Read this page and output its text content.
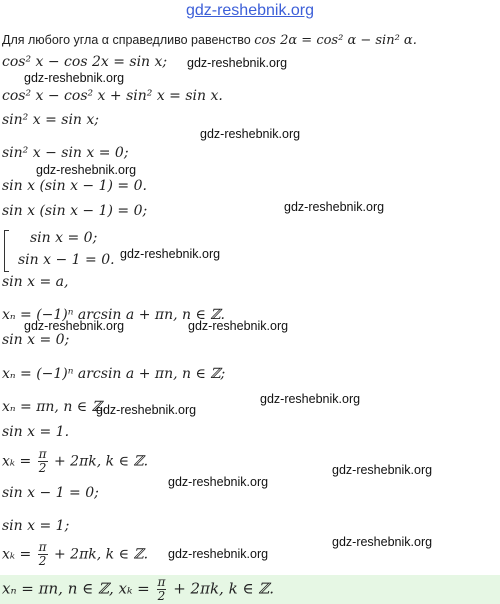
gdz-reshebnik.org
Для любого угла α справедливо равенство cos 2α = cos² α − sin² α.
cos² x − cos 2x = sin x;
cos² x − cos² x + sin² x = sin x.
sin² x = sin x;
sin² x − sin x = 0;
sin x (sin x − 1) = 0.
sin x (sin x − 1) = 0;
sin x = 0;
sin x − 1 = 0.
sin x = a,
xₙ = (−1)ⁿ arcsin a + πn, n ∈ ℤ.
sin x = 0;
xₙ = (−1)ⁿ arcsin a + πn, n ∈ ℤ;
xₙ = πn, n ∈ ℤ.
sin x = 1.
$x_k = \frac{\pi}{2} + 2\pi k$, k ∈ ℤ.
sin x − 1 = 0;
sin x = 1;
$x_k = \frac{\pi}{2} + 2\pi k$, k ∈ ℤ.
xₙ = πn, n ∈ ℤ, $x_k = \frac{\pi}{2} + 2\pi k$, k ∈ ℤ.
gdz-reshebnik.org
gdz-reshebnik.org
gdz-reshebnik.org
gdz-reshebnik.org
gdz-reshebnik.org
gdz-reshebnik.org
gdz-reshebnik.org	gdz-reshebnik.org
gdz-reshebnik.org
gdz-reshebnik.org
gdz-reshebnik.org
gdz-reshebnik.org
gdz-reshebnik.org
gdz-reshebnik.org
